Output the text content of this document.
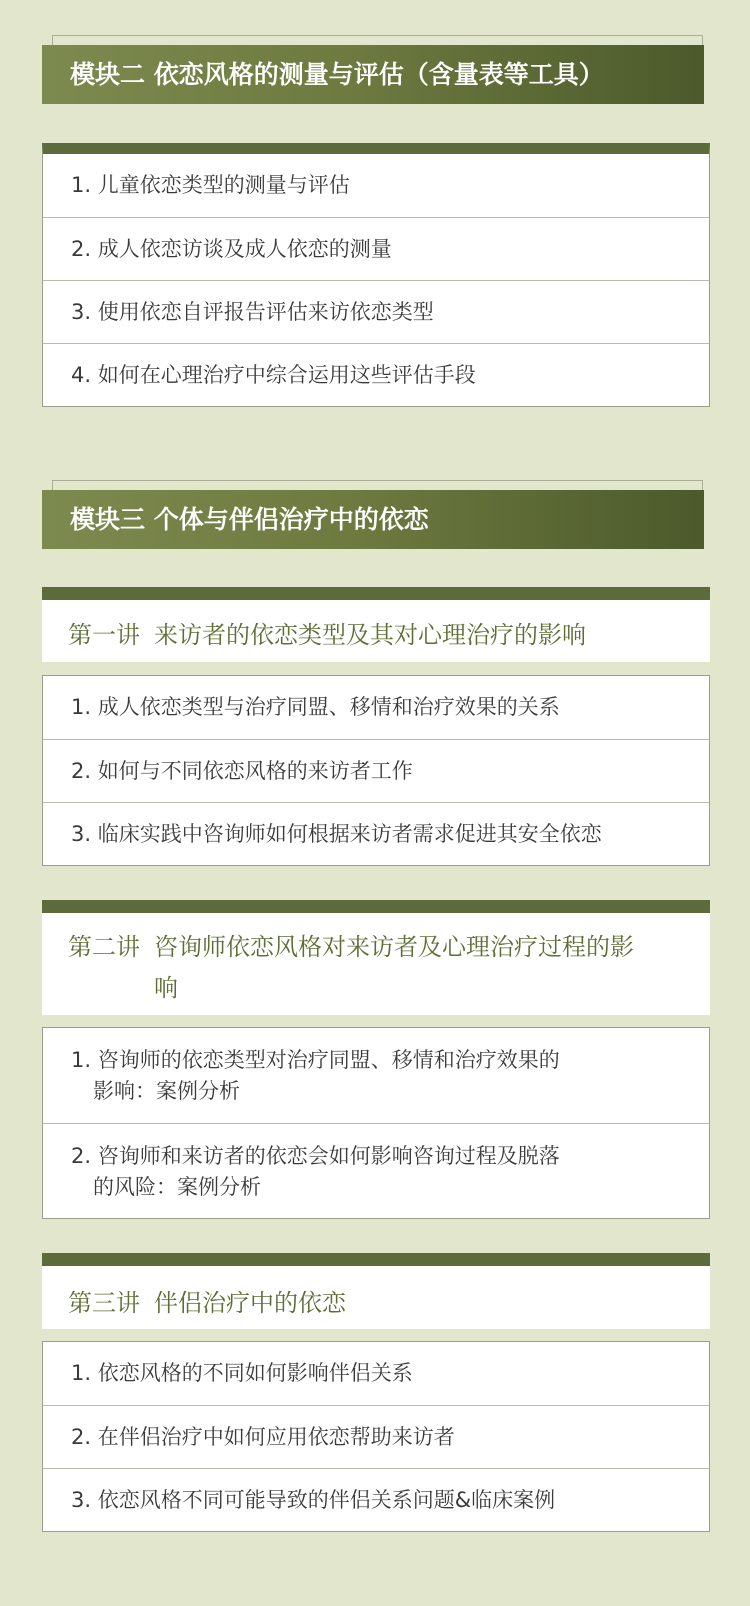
模块二 依恋风格的测量与评估（含量表等工具）
1. 儿童依恋类型的测量与评估
2. 成人依恋访谈及成人依恋的测量
3. 使用依恋自评报告评估来访依恋类型
4. 如何在心理治疗中综合运用这些评估手段
模块三 个体与伴侣治疗中的依恋
第一讲 来访者的依恋类型及其对心理治疗的影响
1. 成人依恋类型与治疗同盟、移情和治疗效果的关系
2. 如何与不同依恋风格的来访者工作
3. 临床实践中咨询师如何根据来访者需求促进其安全依恋
第二讲 咨询师依恋风格对来访者及心理治疗过程的影响
1. 咨询师的依恋类型对治疗同盟、移情和治疗效果的
影响：案例分析
2. 咨询师和来访者的依恋会如何影响咨询过程及脱落
的风险：案例分析
第三讲 伴侣治疗中的依恋
1. 依恋风格的不同如何影响伴侣关系
2. 在伴侣治疗中如何应用依恋帮助来访者
3. 依恋风格不同可能导致的伴侣关系问题&临床案例
